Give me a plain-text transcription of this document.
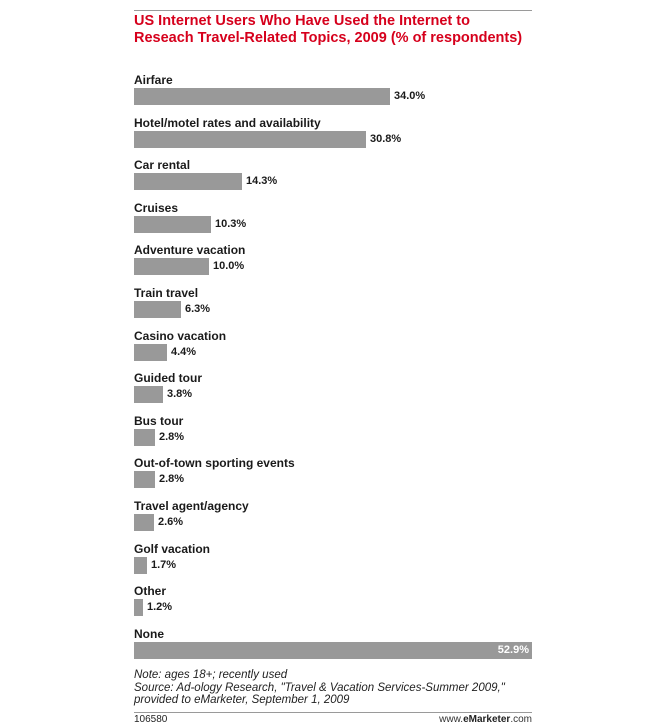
US Internet Users Who Have Used the Internet to Reseach Travel-Related Topics, 2009 (% of respondents)
Airfare
34.0%
Hotel/motel rates and availability
30.8%
Car rental
14.3%
Cruises
10.3%
Adventure vacation
10.0%
Train travel
6.3%
Casino vacation
4.4%
Guided tour
3.8%
Bus tour
2.8%
Out-of-town sporting events
2.8%
Travel agent/agency
2.6%
Golf vacation
1.7%
Other
1.2%
None
52.9%
Note: ages 18+; recently used
Source: Ad-ology Research, "Travel & Vacation Services-Summer 2009,"
provided to eMarketer, September 1, 2009
106580	www.eMarketer.com
